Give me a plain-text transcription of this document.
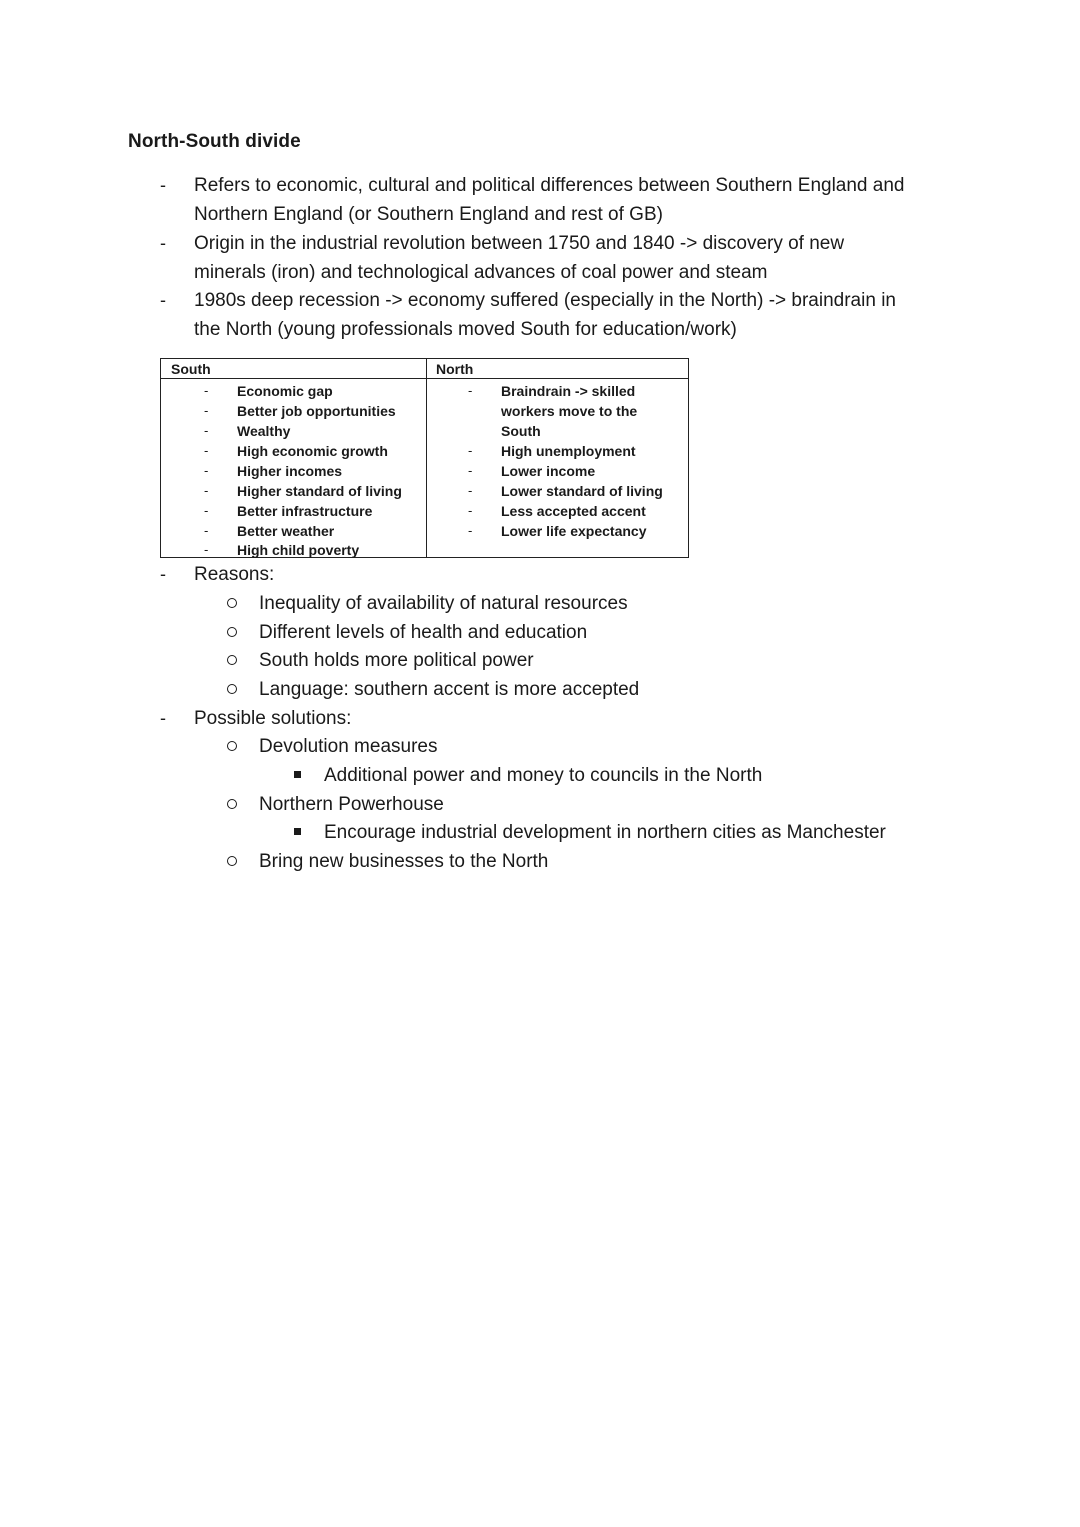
North-South divide
- Refers to economic, cultural and political differences between Southern England and
Northern England (or Southern England and rest of GB)
- Origin in the industrial revolution between 1750 and 1840 -> discovery of new
minerals (iron) and technological advances of coal power and steam
- 1980s deep recession -> economy suffered (especially in the North) -> braindrain in
the North (young professionals moved South for education/work)
South	North
- Economic gap
- Better job opportunities
- Wealthy
- High economic growth
- Higher incomes
- Higher standard of living
- Better infrastructure
- Better weather
- High child poverty
- Braindrain -> skilled
workers move to the
South
- High unemployment
- Lower income
- Lower standard of living
- Less accepted accent
- Lower life expectancy
- Reasons:
Inequality of availability of natural resources
Different levels of health and education
South holds more political power
Language: southern accent is more accepted
- Possible solutions:
Devolution measures
Additional power and money to councils in the North
Northern Powerhouse
Encourage industrial development in northern cities as Manchester
Bring new businesses to the North
